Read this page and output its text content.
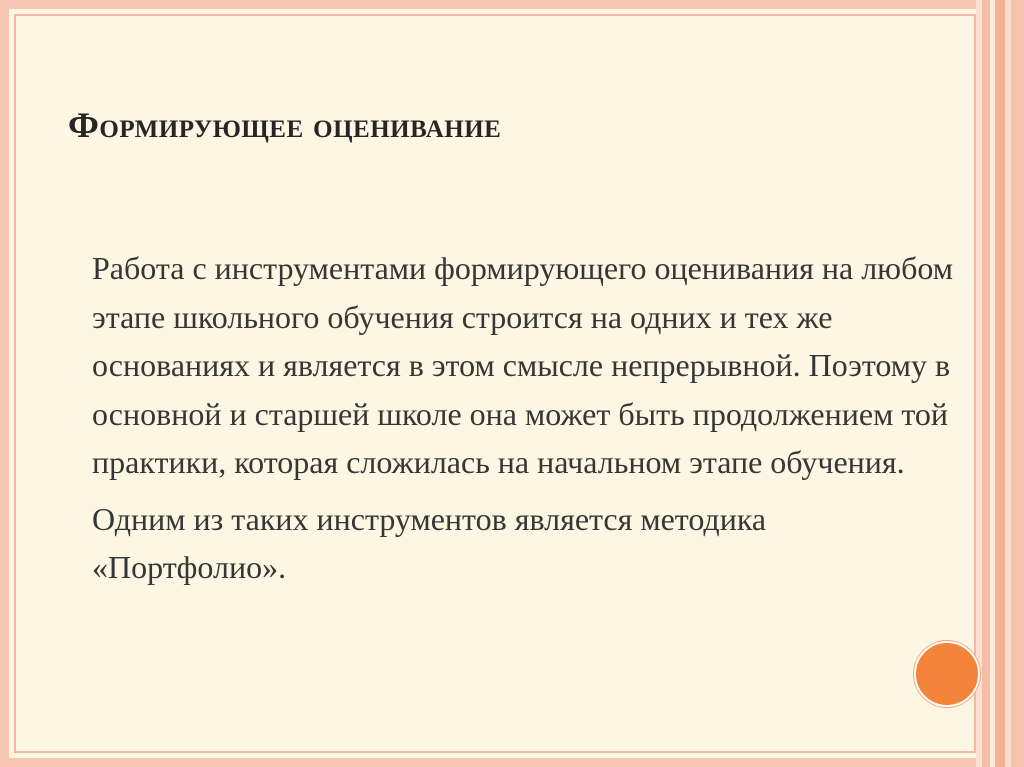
Формирующее оценивание

Работа с инструментами формирующего оценивания на любом этапе школьного обучения строится на одних и тех же основаниях и является в этом смысле непрерывной. Поэтому в основной и старшей школе она может быть продолжением той практики, которая сложилась на начальном этапе обучения.

Одним из таких инструментов является методика «Портфолио».
